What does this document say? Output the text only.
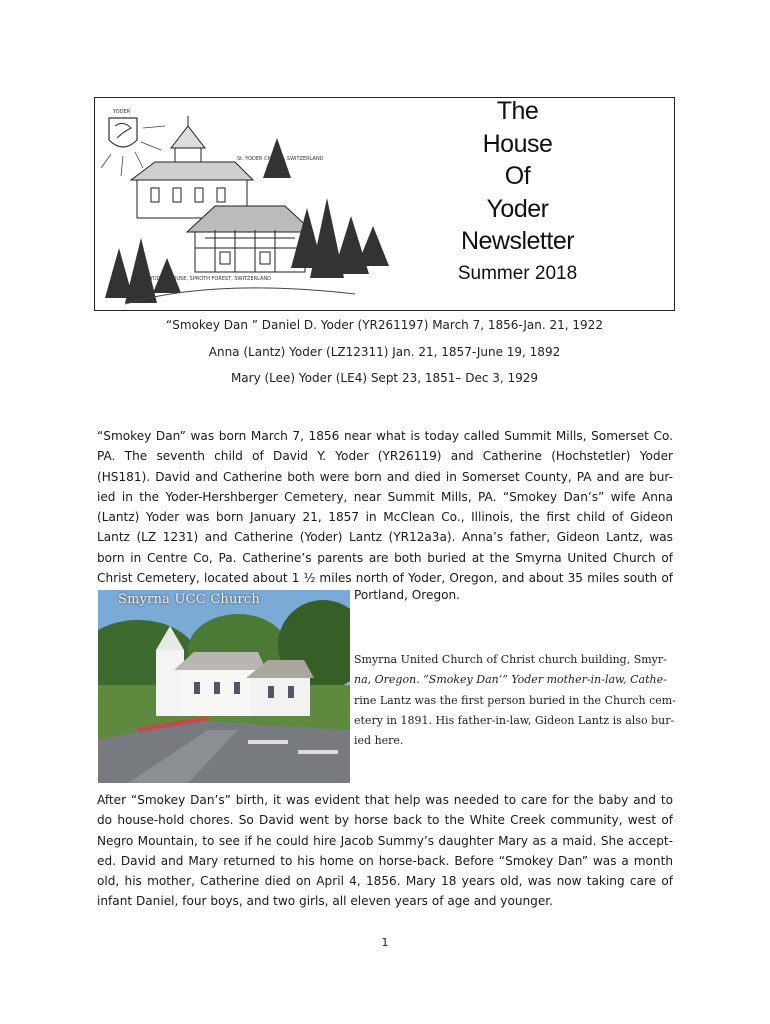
YODER
St. YODER CHAPEL, SWITZERLAND
The YODER HOUSE, SPROTH FOREST, SWITZERLAND
The
House
Of
Yoder
Newsletter
Summer 2018
“Smokey Dan ” Daniel D. Yoder (YR261197) March 7, 1856-Jan. 21, 1922
Anna (Lantz) Yoder (LZ12311) Jan. 21, 1857-June 19, 1892
Mary (Lee) Yoder (LE4) Sept 23, 1851– Dec 3, 1929
“Smokey Dan” was born March 7, 1856 near what is today called Summit Mills, Somerset Co.
PA. The seventh child of David Y. Yoder (YR26119) and Catherine (Hochstetler) Yoder
(HS181). David and Catherine both were born and died in Somerset County, PA and are bur-
ied in the Yoder-Hershberger Cemetery, near Summit Mills, PA. “Smokey Dan’s” wife Anna
(Lantz) Yoder was born January 21, 1857 in McClean Co., Illinois, the first child of Gideon
Lantz (LZ 1231) and Catherine (Yoder) Lantz (YR12a3a). Anna’s father, Gideon Lantz, was
born in Centre Co, Pa. Catherine’s parents are both buried at the Smyrna United Church of
Christ Cemetery, located about 1 ½ miles north of Yoder, Oregon, and about 35 miles south of
Smyrna UCC Church	Portland, Oregon.
Smyrna United Church of Christ church building, Smyr-
na, Oregon. “Smokey Dan’” Yoder mother-in-law, Cathe-
rine Lantz was the first person buried in the Church cem-
etery in 1891. His father-in-law, Gideon Lantz is also bur-
ied here.
After “Smokey Dan’s” birth, it was evident that help was needed to care for the baby and to
do house-hold chores. So David went by horse back to the White Creek community, west of
Negro Mountain, to see if he could hire Jacob Summy’s daughter Mary as a maid. She accept-
ed. David and Mary returned to his home on horse-back. Before “Smokey Dan” was a month
old, his mother, Catherine died on April 4, 1856. Mary 18 years old, was now taking care of
infant Daniel, four boys, and two girls, all eleven years of age and younger.
1
